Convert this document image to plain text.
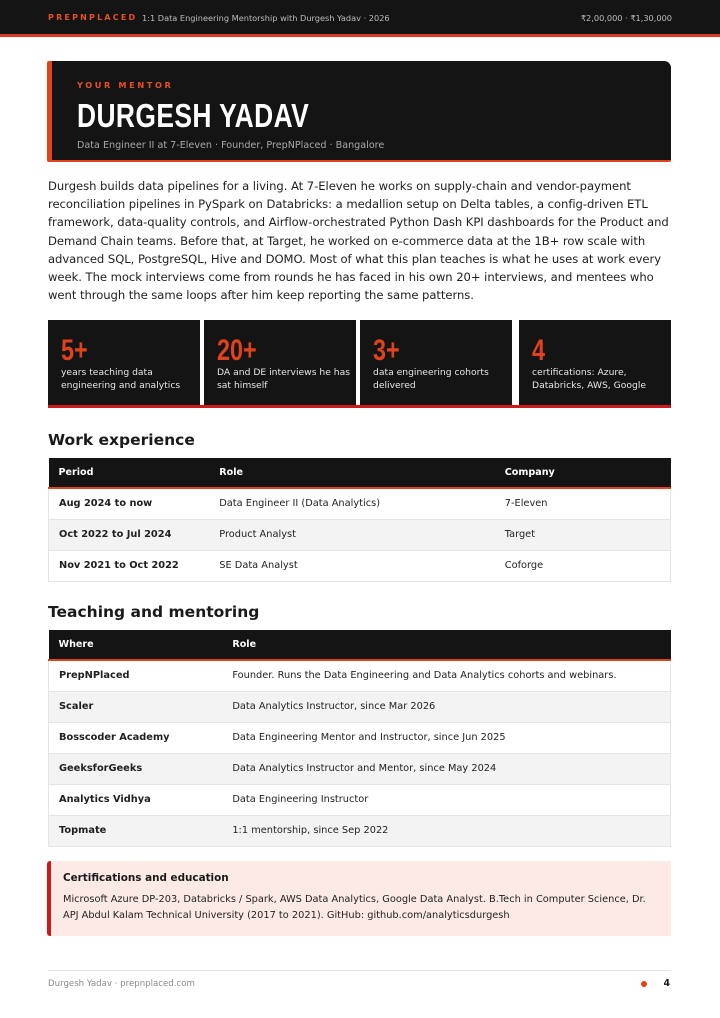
PREPNPLACED 1:1 Data Engineering Mentorship with Durgesh Yadav · 2026	₹2,00,000 · ₹1,30,000
YOUR MENTOR
DURGESH YADAV
Data Engineer II at 7-Eleven · Founder, PrepNPlaced · Bangalore

Durgesh builds data pipelines for a living. At 7-Eleven he works on supply-chain and vendor-payment reconciliation pipelines in PySpark on Databricks: a medallion setup on Delta tables, a config-driven ETL framework, data-quality controls, and Airflow-orchestrated Python Dash KPI dashboards for the Product and Demand Chain teams. Before that, at Target, he worked on e-commerce data at the 1B+ row scale with advanced SQL, PostgreSQL, Hive and DOMO. Most of what this plan teaches is what he uses at work every week. The mock interviews come from rounds he has faced in his own 20+ interviews, and mentees who went through the same loops after him keep reporting the same patterns.

5+
years teaching data engineering and analytics
20+
DA and DE interviews he has sat himself
3+
data engineering cohorts delivered
4
certifications: Azure, Databricks, AWS, Google
Work experience
Period	Role	Company
Aug 2024 to now	Data Engineer II (Data Analytics)	7-Eleven
Oct 2022 to Jul 2024	Product Analyst	Target
Nov 2021 to Oct 2022	SE Data Analyst	Coforge
Teaching and mentoring
Where	Role
PrepNPlaced	Founder. Runs the Data Engineering and Data Analytics cohorts and webinars.
Scaler	Data Analytics Instructor, since Mar 2026
Bosscoder Academy	Data Engineering Mentor and Instructor, since Jun 2025
GeeksforGeeks	Data Analytics Instructor and Mentor, since May 2024
Analytics Vidhya	Data Engineering Instructor
Topmate	1:1 mentorship, since Sep 2022
Certifications and education
Microsoft Azure DP-203, Databricks / Spark, AWS Data Analytics, Google Data Analyst. B.Tech in Computer Science, Dr. APJ Abdul Kalam Technical University (2017 to 2021). GitHub: github.com/analyticsdurgesh
Durgesh Yadav · prepnplaced.com	4
